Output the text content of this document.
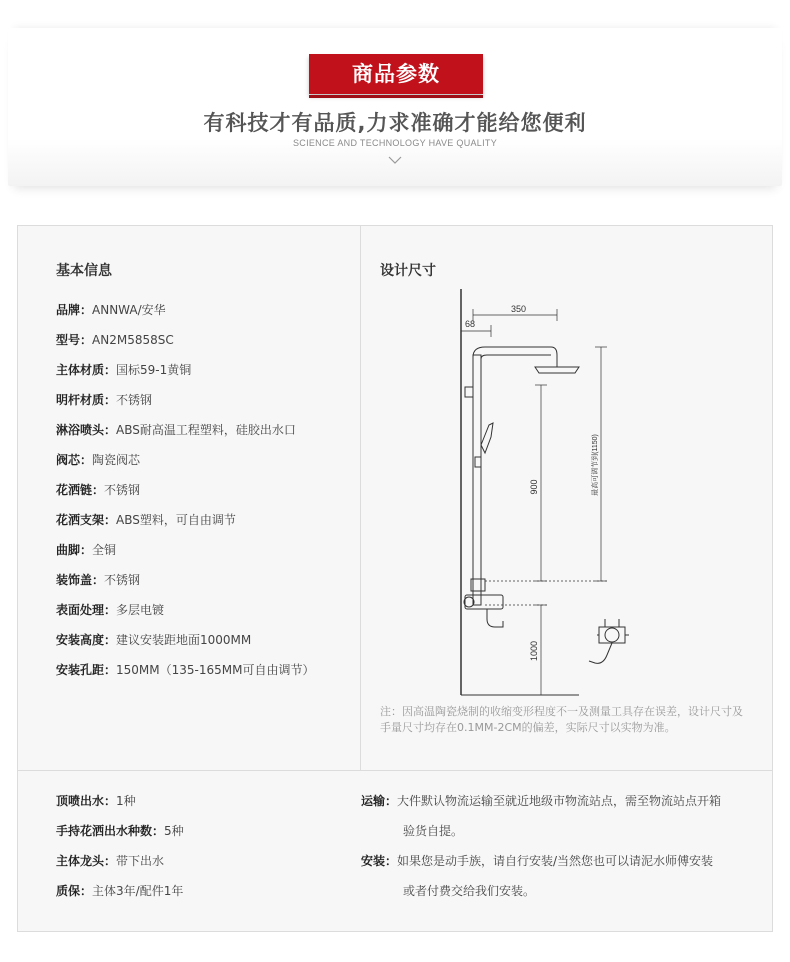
商品参数
有科技才有品质,力求准确才能给您便利
SCIENCE AND TECHNOLOGY HAVE QUALITY
基本信息
品牌：ANNWA/安华
型号：AN2M5858SC
主体材质：国标59-1黄铜
明杆材质：不锈钢
淋浴喷头：ABS耐高温工程塑料，硅胶出水口
阀芯：陶瓷阀芯
花洒链：不锈钢
花洒支架：ABS塑料，可自由调节
曲脚：全铜
装饰盖：不锈钢
表面处理：多层电镀
安装高度：建议安装距地面1000MM
安装孔距：150MM（135-165MM可自由调节）
设计尺寸
注：因高温陶瓷烧制的收缩变形程度不一及测量工具存在误差，设计尺寸及手量尺寸均存在0.1MM-2CM的偏差，实际尺寸以实物为准。
350
68
900	最高可调节到(1150)
1000
顶喷出水：1种
手持花洒出水种数：5种
主体龙头：带下出水
质保：主体3年/配件1年
运输：大件默认物流运输至就近地级市物流站点，需至物流站点开箱
验货自提。
安装：如果您是动手族，请自行安装/当然您也可以请泥水师傅安装
或者付费交给我们安装。
